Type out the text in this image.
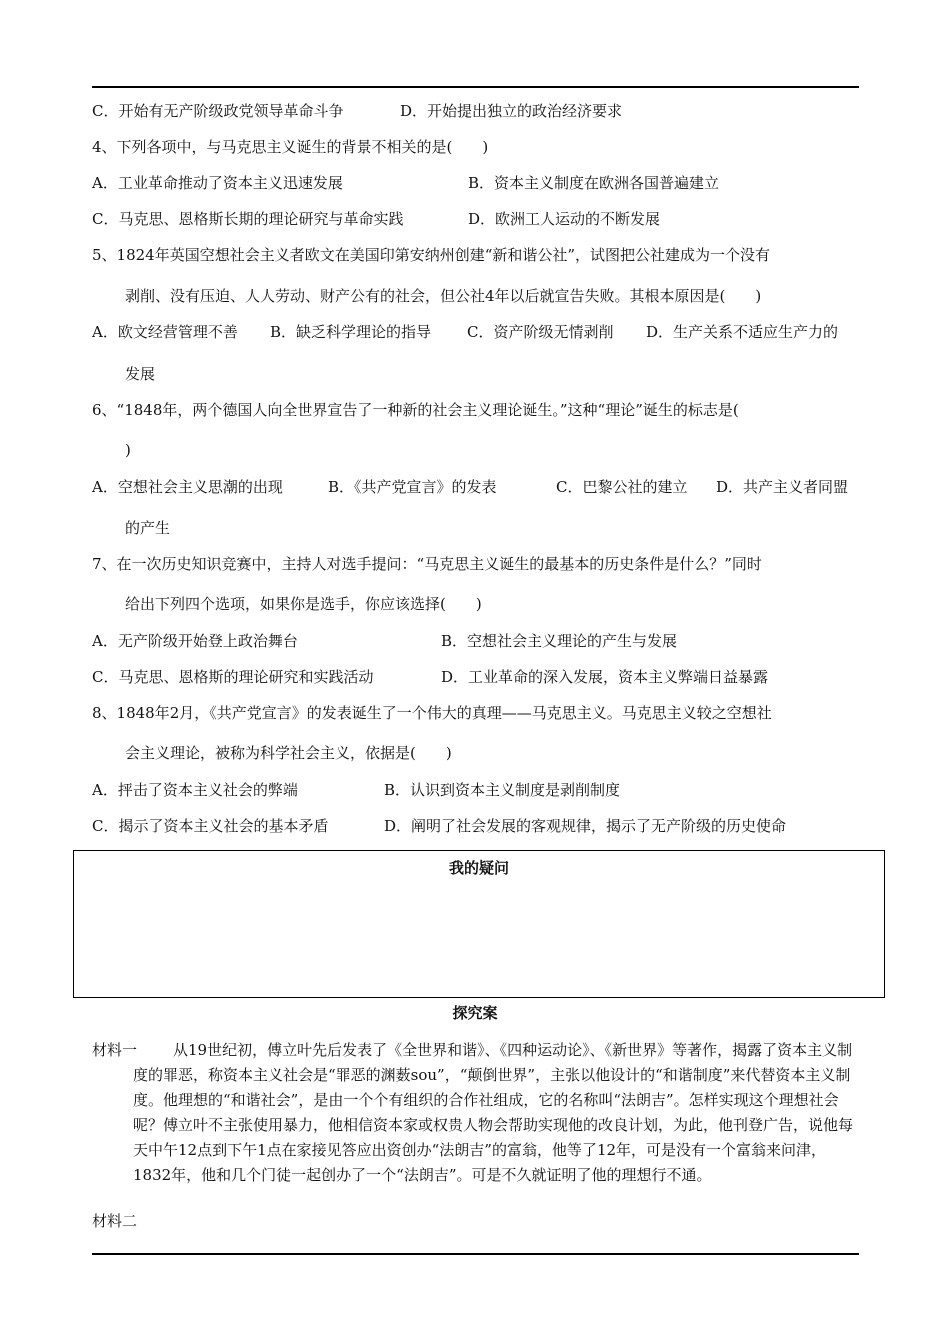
C．开始有无产阶级政党领导革命斗争	D．开始提出独立的政治经济要求
4、下列各项中，与马克思主义诞生的背景不相关的是(　　)
A．工业革命推动了资本主义迅速发展	B．资本主义制度在欧洲各国普遍建立
C．马克思、恩格斯长期的理论研究与革命实践	D．欧洲工人运动的不断发展
5、1824年英国空想社会主义者欧文在美国印第安纳州创建“新和谐公社”，试图把公社建成为一个没有
剥削、没有压迫、人人劳动、财产公有的社会，但公社4年以后就宣告失败。其根本原因是(　　)
A．欧文经营管理不善 B．缺乏科学理论的指导 C．资产阶级无情剥削 D．生产关系不适应生产力的
发展
6、“1848年，两个德国人向全世界宣告了一种新的社会主义理论诞生。”这种“理论”诞生的标志是(
)
A．空想社会主义思潮的出现	B．《共产党宣言》的发表	C．巴黎公社的建立 D．共产主义者同盟
的产生
7、在一次历史知识竞赛中，主持人对选手提问：“马克思主义诞生的最基本的历史条件是什么？”同时
给出下列四个选项，如果你是选手，你应该选择(　　)
A．无产阶级开始登上政治舞台	B．空想社会主义理论的产生与发展
C．马克思、恩格斯的理论研究和实践活动	D．工业革命的深入发展，资本主义弊端日益暴露
8、1848年2月，《共产党宣言》的发表诞生了一个伟大的真理——马克思主义。马克思主义较之空想社
会主义理论，被称为科学社会主义，依据是(　　)
A．抨击了资本主义社会的弊端	B．认识到资本主义制度是剥削制度
C．揭示了资本主义社会的基本矛盾	D．阐明了社会发展的客观规律，揭示了无产阶级的历史使命
我的疑问
探究案
材料一	从19世纪初，傅立叶先后发表了《全世界和谐》、《四种运动论》、《新世界》等著作，揭露了资本主义制度的罪恶，称资本主义社会是“罪恶的渊薮sou”，“颠倒世界”，主张以他设计的“和谐制度”来代替资本主义制度。他理想的“和谐社会”，是由一个个有组织的合作社组成，它的名称叫“法朗吉”。怎样实现这个理想社会呢？傅立叶不主张使用暴力，他相信资本家或权贵人物会帮助实现他的改良计划，为此，他刊登广告，说他每天中午12点到下午1点在家接见答应出资创办“法朗吉”的富翁，他等了12年，可是没有一个富翁来问津，1832年，他和几个门徒一起创办了一个“法朗吉”。可是不久就证明了他的理想行不通。

材料二
